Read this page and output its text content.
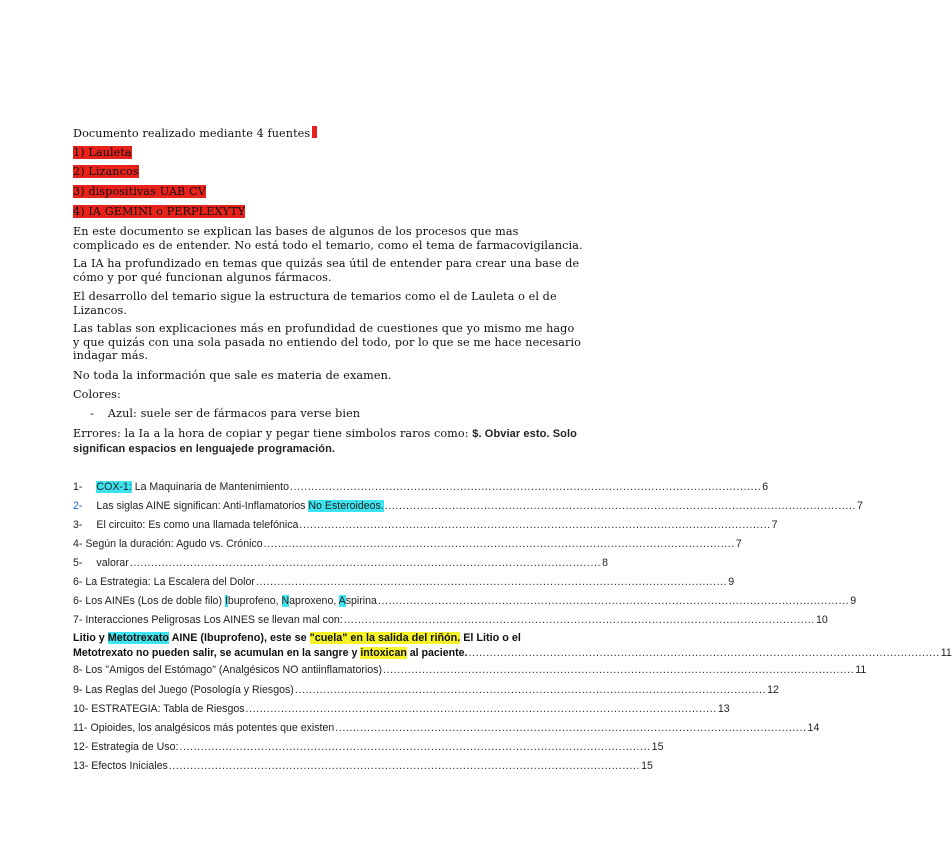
Documento realizado mediante 4 fuentes
1) Lauleta
2) Lizancos
3) dispositivas UAB CV
4) IA GEMINI o PERPLEXYTY
En este documento se explican las bases de algunos de los procesos que mas complicado es de entender. No está todo el temario, como el tema de farmacovigilancia.
La IA ha profundizado en temas que quizás sea útil de entender para crear una base de cómo y por qué funcionan algunos fármacos.
El desarrollo del temario sigue la estructura de temarios como el de Lauleta o el de Lizancos.
Las tablas son explicaciones más en profundidad de cuestiones que yo mismo me hago y que quizás con una sola pasada no entiendo del todo, por lo que se me hace necesario indagar más.
No toda la información que sale es materia de examen.
Colores:
- Azul: suele ser de fármacos para verse bien
Errores: la Ia a la hora de copiar y pegar tiene simbolos raros como: $. Obviar esto. Solo significan espacios en lenguajede programación.
1- COX-1: La Maquinaria de Mantenimiento ..................................................................................................................................... 6
2- Las siglas AINE significan: Anti-Inflamatorios No Esteroideos. ..................................................................................................................................... 7
3- El circuito: Es como una llamada telefónica ..................................................................................................................................... 7
4- Según la duración: Agudo vs. Crónico ..................................................................................................................................... 7
5- valorar ..................................................................................................................................... 8
6- La Estrategia: La Escalera del Dolor ..................................................................................................................................... 9
6- Los AINEs (Los de doble filo) Ibuprofeno, Naproxeno, Aspirina ..................................................................................................................................... 9
7- Interacciones Peligrosas Los AINES se llevan mal con: ..................................................................................................................................... 10
Litio y Metotrexato AINE (Ibuprofeno), este se "cuela" en la salida del riñón. El Litio o el
Metotrexato no pueden salir, se acumulan en la sangre y intoxican al paciente. ..................................................................................................................................... 11
8- Los "Amigos del Estómago" (Analgésicos NO antiinflamatorios) ..................................................................................................................................... 11
9- Las Reglas del Juego (Posología y Riesgos) ..................................................................................................................................... 12
10- ESTRATEGIA: Tabla de Riesgos ..................................................................................................................................... 13
11- Opioides, los analgésicos más potentes que existen ..................................................................................................................................... 14
12- Estrategia de Uso: ..................................................................................................................................... 15
13- Efectos Iniciales ..................................................................................................................................... 15
